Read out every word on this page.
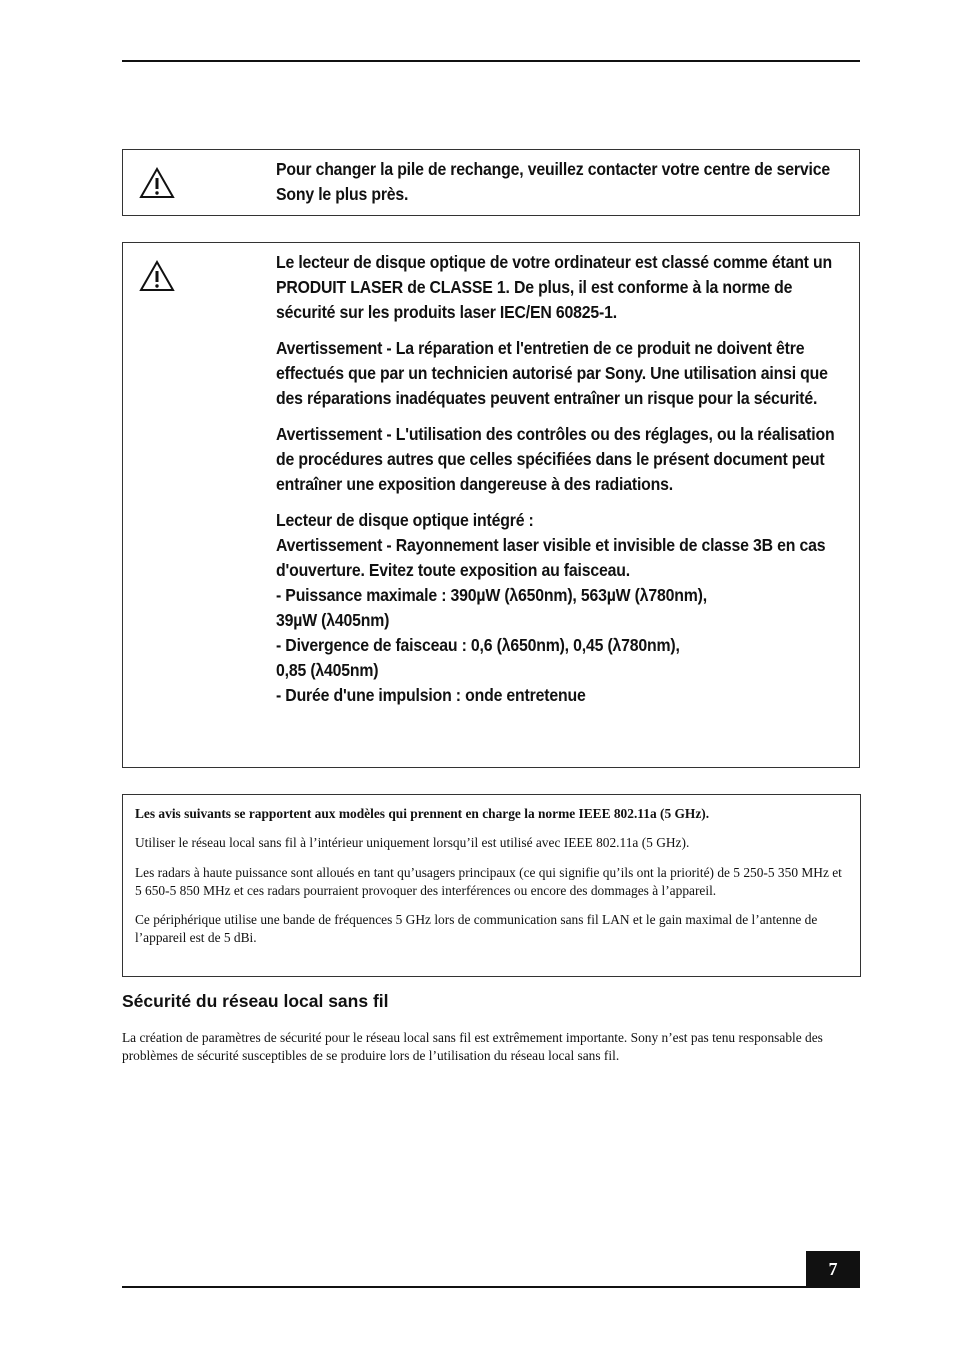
Pour changer la pile de rechange, veuillez contacter votre centre de service Sony le plus près.

Le lecteur de disque optique de votre ordinateur est classé comme étant un PRODUIT LASER de CLASSE 1. De plus, il est conforme à la norme de sécurité sur les produits laser IEC/EN 60825-1.

Avertissement - La réparation et l'entretien de ce produit ne doivent être effectués que par un technicien autorisé par Sony. Une utilisation ainsi que des réparations inadéquates peuvent entraîner un risque pour la sécurité.

Avertissement - L'utilisation des contrôles ou des réglages, ou la réalisation de procédures autres que celles spécifiées dans le présent document peut entraîner une exposition dangereuse à des radiations.

Lecteur de disque optique intégré :
Avertissement - Rayonnement laser visible et invisible de classe 3B en cas d'ouverture. Evitez toute exposition au faisceau.
- Puissance maximale : 390µW (λ650nm), 563µW (λ780nm),
39µW (λ405nm)
- Divergence de faisceau : 0,6 (λ650nm), 0,45 (λ780nm),
0,85 (λ405nm)
- Durée d'une impulsion : onde entretenue

Les avis suivants se rapportent aux modèles qui prennent en charge la norme IEEE 802.11a (5 GHz).

Utiliser le réseau local sans fil à l’intérieur uniquement lorsqu’il est utilisé avec IEEE 802.11a (5 GHz).

Les radars à haute puissance sont alloués en tant qu’usagers principaux (ce qui signifie qu’ils ont la priorité) de 5 250-5 350 MHz et 5 650-5 850 MHz et ces radars pourraient provoquer des interférences ou encore des dommages à l’appareil.

Ce périphérique utilise une bande de fréquences 5 GHz lors de communication sans fil LAN et le gain maximal de l’antenne de l’appareil est de 5 dBi.

Sécurité du réseau local sans fil

La création de paramètres de sécurité pour le réseau local sans fil est extrêmement importante. Sony n’est pas tenu responsable des problèmes de sécurité susceptibles de se produire lors de l’utilisation du réseau local sans fil.

7
